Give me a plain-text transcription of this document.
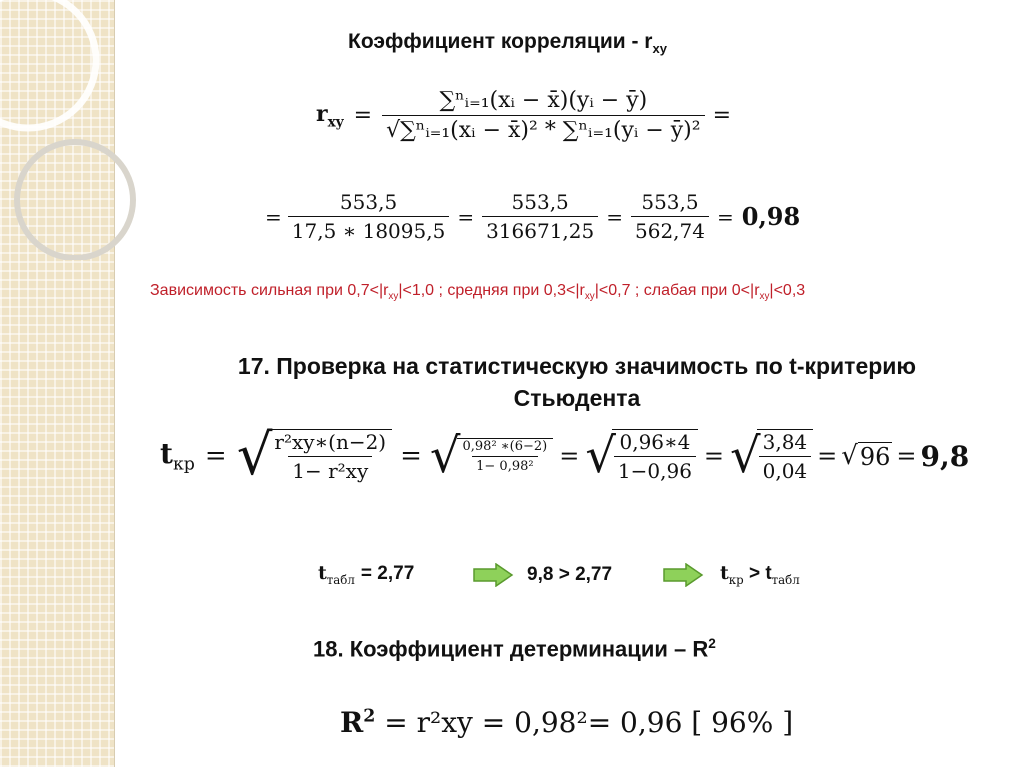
Коэффициент корреляции - $r_{xy}$
$r_{xy} = \frac{\text{∑ⁿᵢ₌₁(xᵢ − x̄)(yᵢ − ȳ)}}{\text{√∑ⁿᵢ₌₁(xᵢ − x̄)² * ∑ⁿᵢ₌₁(yᵢ − ȳ)²}}$ =
= $\frac{553,5}{17,5 ∗ 18095,5} = \frac{553,5}{316671,25} = \frac{553,5}{562,74} = 0,98$
Зависимость сильная при $0,7<|r_{xy}|<1,0$ ; средняя при $0,3<|r_{xy}|<0,7$ ; слабая при $0<|r_{xy}|<0,3$
17. Проверка на статистическую значимость по t-критерию
Стьюдента
$t_{кр}$ = √
$\frac{\text{r²xy∗(n−2)}}{\text{1− r²xy}}$ = √
$\frac{\text{0,98² ∗(6−2)}}{\text{1− 0,98²}}$ = √
$\frac{0,96∗4}{1-0,96}$ = √
$\frac{3,84}{0,04}$ = √ 96 = 9,8
$t_{табл} = 2,77$	9,8 > 2,77	$t_{кр} > t_{табл}$
18. Коэффициент детерминации – $R^2$
$R^2 = r^2xy = 0,98^2= 0,96$ [ 96% ]
